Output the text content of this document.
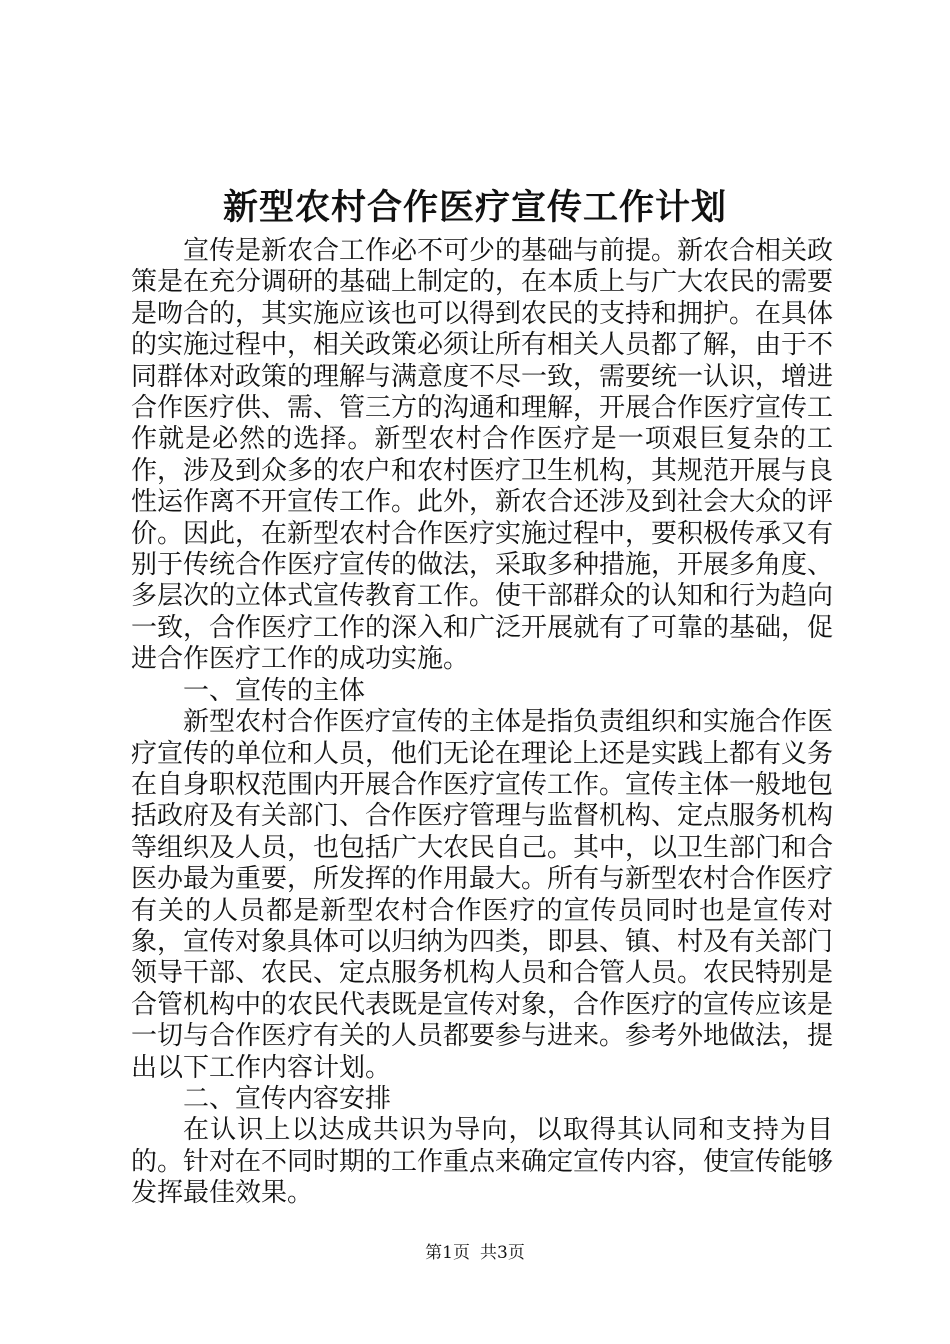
新型农村合作医疗宣传工作计划

宣传是新农合工作必不可少的基础与前提。新农合相关政策是在充分调研的基础上制定的，在本质上与广大农民的需要是吻合的，其实施应该也可以得到农民的支持和拥护。在具体的实施过程中，相关政策必须让所有相关人员都了解，由于不同群体对政策的理解与满意度不尽一致，需要统一认识，增进合作医疗供、需、管三方的沟通和理解，开展合作医疗宣传工作就是必然的选择。新型农村合作医疗是一项艰巨复杂的工作，涉及到众多的农户和农村医疗卫生机构，其规范开展与良性运作离不开宣传工作。此外，新农合还涉及到社会大众的评价。因此，在新型农村合作医疗实施过程中，要积极传承又有别于传统合作医疗宣传的做法，采取多种措施，开展多角度、多层次的立体式宣传教育工作。使干部群众的认知和行为趋向一致，合作医疗工作的深入和广泛开展就有了可靠的基础，促进合作医疗工作的成功实施。

一、宣传的主体

新型农村合作医疗宣传的主体是指负责组织和实施合作医疗宣传的单位和人员，他们无论在理论上还是实践上都有义务在自身职权范围内开展合作医疗宣传工作。宣传主体一般地包括政府及有关部门、合作医疗管理与监督机构、定点服务机构等组织及人员，也包括广大农民自己。其中，以卫生部门和合医办最为重要，所发挥的作用最大。所有与新型农村合作医疗有关的人员都是新型农村合作医疗的宣传员同时也是宣传对象，宣传对象具体可以归纳为四类，即县、镇、村及有关部门领导干部、农民、定点服务机构人员和合管人员。农民特别是合管机构中的农民代表既是宣传对象，合作医疗的宣传应该是一切与合作医疗有关的人员都要参与进来。参考外地做法，提出以下工作内容计划。

二、宣传内容安排

在认识上以达成共识为导向，以取得其认同和支持为目的。针对在不同时期的工作重点来确定宣传内容，使宣传能够发挥最佳效果。

第1页 共3页
